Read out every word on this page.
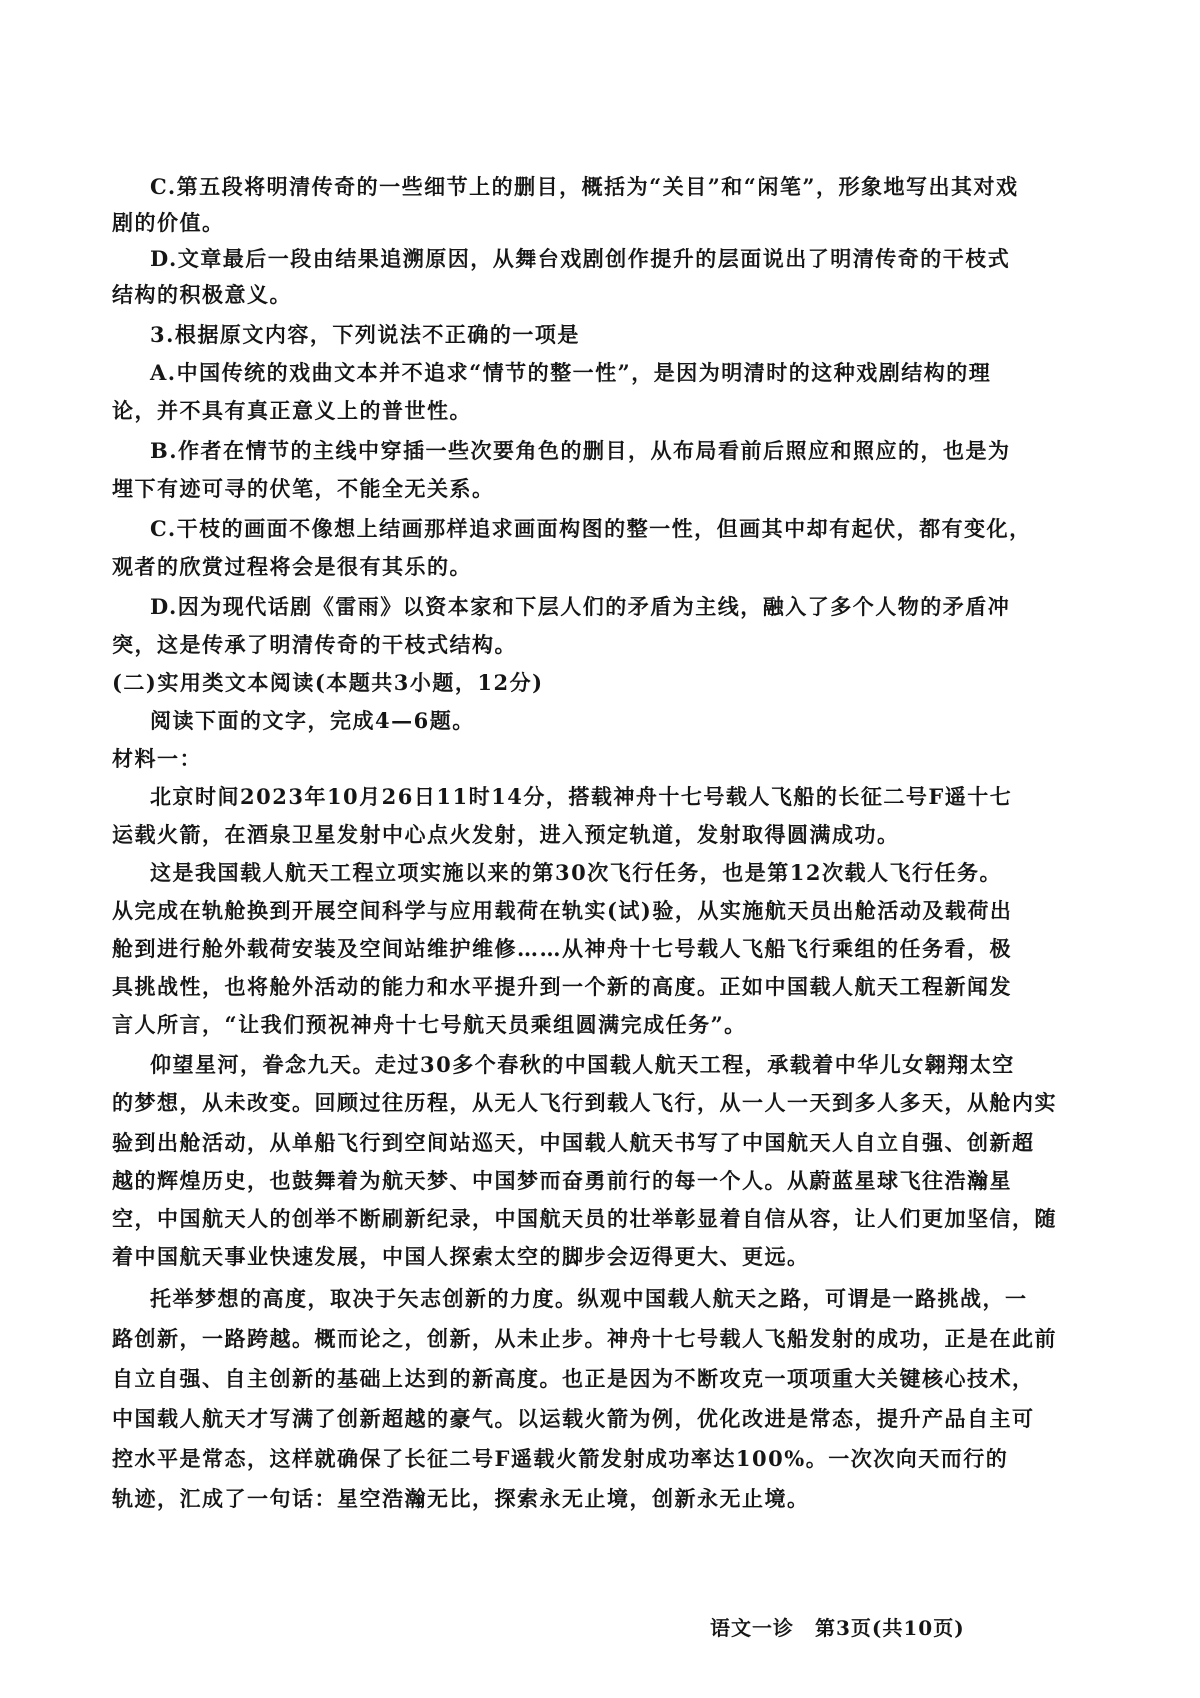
C.第五段将明清传奇的一些细节上的删目，概括为“关目”和“闲笔”，形象地写出其对戏

剧的价值。

D.文章最后一段由结果追溯原因，从舞台戏剧创作提升的层面说出了明清传奇的干枝式

结构的积极意义。

3.根据原文内容，下列说法不正确的一项是

A.中国传统的戏曲文本并不追求“情节的整一性”，是因为明清时的这种戏剧结构的理

论，并不具有真正意义上的普世性。

B.作者在情节的主线中穿插一些次要角色的删目，从布局看前后照应和照应的，也是为

埋下有迹可寻的伏笔，不能全无关系。

C.干枝的画面不像想上结画那样追求画面构图的整一性，但画其中却有起伏，都有变化，

观者的欣赏过程将会是很有其乐的。

D.因为现代话剧《雷雨》以资本家和下层人们的矛盾为主线，融入了多个人物的矛盾冲

突，这是传承了明清传奇的干枝式结构。

(二)实用类文本阅读(本题共3小题，12分)

阅读下面的文字，完成4—6题。

材料一：

北京时间2023年10月26日11时14分，搭载神舟十七号载人飞船的长征二号F遥十七

运载火箭，在酒泉卫星发射中心点火发射，进入预定轨道，发射取得圆满成功。

这是我国载人航天工程立项实施以来的第30次飞行任务，也是第12次载人飞行任务。

从完成在轨舱换到开展空间科学与应用载荷在轨实(试)验，从实施航天员出舱活动及载荷出

舱到进行舱外载荷安装及空间站维护维修……从神舟十七号载人飞船飞行乘组的任务看，极

具挑战性，也将舱外活动的能力和水平提升到一个新的高度。正如中国载人航天工程新闻发

言人所言，“让我们预祝神舟十七号航天员乘组圆满完成任务”。

仰望星河，眷念九天。走过30多个春秋的中国载人航天工程，承载着中华儿女翱翔太空

的梦想，从未改变。回顾过往历程，从无人飞行到载人飞行，从一人一天到多人多天，从舱内实

验到出舱活动，从单船飞行到空间站巡天，中国载人航天书写了中国航天人自立自强、创新超

越的辉煌历史，也鼓舞着为航天梦、中国梦而奋勇前行的每一个人。从蔚蓝星球飞往浩瀚星

空，中国航天人的创举不断刷新纪录，中国航天员的壮举彰显着自信从容，让人们更加坚信，随

着中国航天事业快速发展，中国人探索太空的脚步会迈得更大、更远。

托举梦想的高度，取决于矢志创新的力度。纵观中国载人航天之路，可谓是一路挑战，一

路创新，一路跨越。概而论之，创新，从未止步。神舟十七号载人飞船发射的成功，正是在此前

自立自强、自主创新的基础上达到的新高度。也正是因为不断攻克一项项重大关键核心技术，

中国载人航天才写满了创新超越的豪气。以运载火箭为例，优化改进是常态，提升产品自主可

控水平是常态，这样就确保了长征二号F遥载火箭发射成功率达100%。一次次向天而行的

轨迹，汇成了一句话：星空浩瀚无比，探索永无止境，创新永无止境。

语文一诊　第3页(共10页)
